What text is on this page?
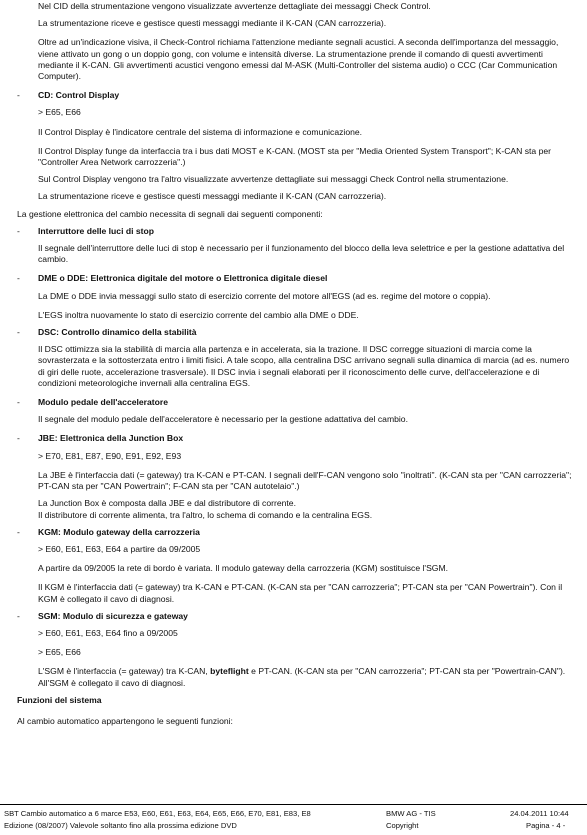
Nel CID della strumentazione vengono visualizzate avvertenze dettagliate dei messaggi Check Control.

La strumentazione riceve e gestisce questi messaggi mediante il K-CAN (CAN carrozzeria).

Oltre ad un'indicazione visiva, il Check-Control richiama l'attenzione mediante segnali acustici. A seconda dell'importanza del messaggio, viene attivato un gong o un doppio gong, con volume e intensità diverse. La strumentazione prende il comando di questi avvertimenti mediante il K-CAN. Gli avvertimenti acustici vengono emessi dal M-ASK (Multi-Controller del sistema audio) o CCC (Car Communication Computer).

- CD: Control Display

> E65, E66

Il Control Display è l'indicatore centrale del sistema di informazione e comunicazione.

Il Control Display funge da interfaccia tra i bus dati MOST e K-CAN. (MOST sta per "Media Oriented System Transport"; K-CAN sta per "Controller Area Network carrozzeria".)

Sul Control Display vengono tra l'altro visualizzate avvertenze dettagliate sui messaggi Check Control nella strumentazione.

La strumentazione riceve e gestisce questi messaggi mediante il K-CAN (CAN carrozzeria).

La gestione elettronica del cambio necessita di segnali dai seguenti componenti:

- Interruttore delle luci di stop

Il segnale dell'interruttore delle luci di stop è necessario per il funzionamento del blocco della leva selettrice e per la gestione adattativa del cambio.

- DME o DDE: Elettronica digitale del motore o Elettronica digitale diesel

La DME o DDE invia messaggi sullo stato di esercizio corrente del motore all'EGS (ad es. regime del motore o coppia).

L'EGS inoltra nuovamente lo stato di esercizio corrente del cambio alla DME o DDE.

- DSC: Controllo dinamico della stabilità

Il DSC ottimizza sia la stabilità di marcia alla partenza e in accelerata, sia la trazione. Il DSC corregge situazioni di marcia come la sovrasterzata e la sottosterzata entro i limiti fisici. A tale scopo, alla centralina DSC arrivano segnali sulla dinamica di marcia (ad es. numero di giri delle ruote, accelerazione trasversale). Il DSC invia i segnali elaborati per il riconoscimento delle curve, dell'accelerazione e di condizioni meteorologiche invernali alla centralina EGS.

- Modulo pedale dell'acceleratore

Il segnale del modulo pedale dell'acceleratore è necessario per la gestione adattativa del cambio.

- JBE: Elettronica della Junction Box

> E70, E81, E87, E90, E91, E92, E93

La JBE è l'interfaccia dati (= gateway) tra K-CAN e PT-CAN. I segnali dell'F-CAN vengono solo "inoltrati". (K-CAN sta per "CAN carrozzeria"; PT-CAN sta per "CAN Powertrain"; F-CAN sta per "CAN autotelaio".)

La Junction Box è composta dalla JBE e dal distributore di corrente.

Il distributore di corrente alimenta, tra l'altro, lo schema di comando e la centralina EGS.

- KGM: Modulo gateway della carrozzeria

> E60, E61, E63, E64 a partire da 09/2005

A partire da 09/2005 la rete di bordo è variata. Il modulo gateway della carrozzeria (KGM) sostituisce l'SGM.

Il KGM è l'interfaccia dati (= gateway) tra K-CAN e PT-CAN. (K-CAN sta per "CAN carrozzeria"; PT-CAN sta per "CAN Powertrain"). Con il KGM è collegato il cavo di diagnosi.

- SGM: Modulo di sicurezza e gateway

> E60, E61, E63, E64 fino a 09/2005

> E65, E66

L'SGM è l'interfaccia (= gateway) tra K-CAN, byteflight e PT-CAN. (K-CAN sta per "CAN carrozzeria"; PT-CAN sta per "Powertrain-CAN"). All'SGM è collegato il cavo di diagnosi.

Funzioni del sistema

Al cambio automatico appartengono le seguenti funzioni:

SBT Cambio automatico a 6 marce E53, E60, E61, E63, E64, E65, E66, E70, E81, E83, E8
Edizione (08/2007) Valevole soltanto fino alla prossima edizione DVD
BMW AG - TIS
Copyright
24.04.2011 10:44
Pagina - 4 -
